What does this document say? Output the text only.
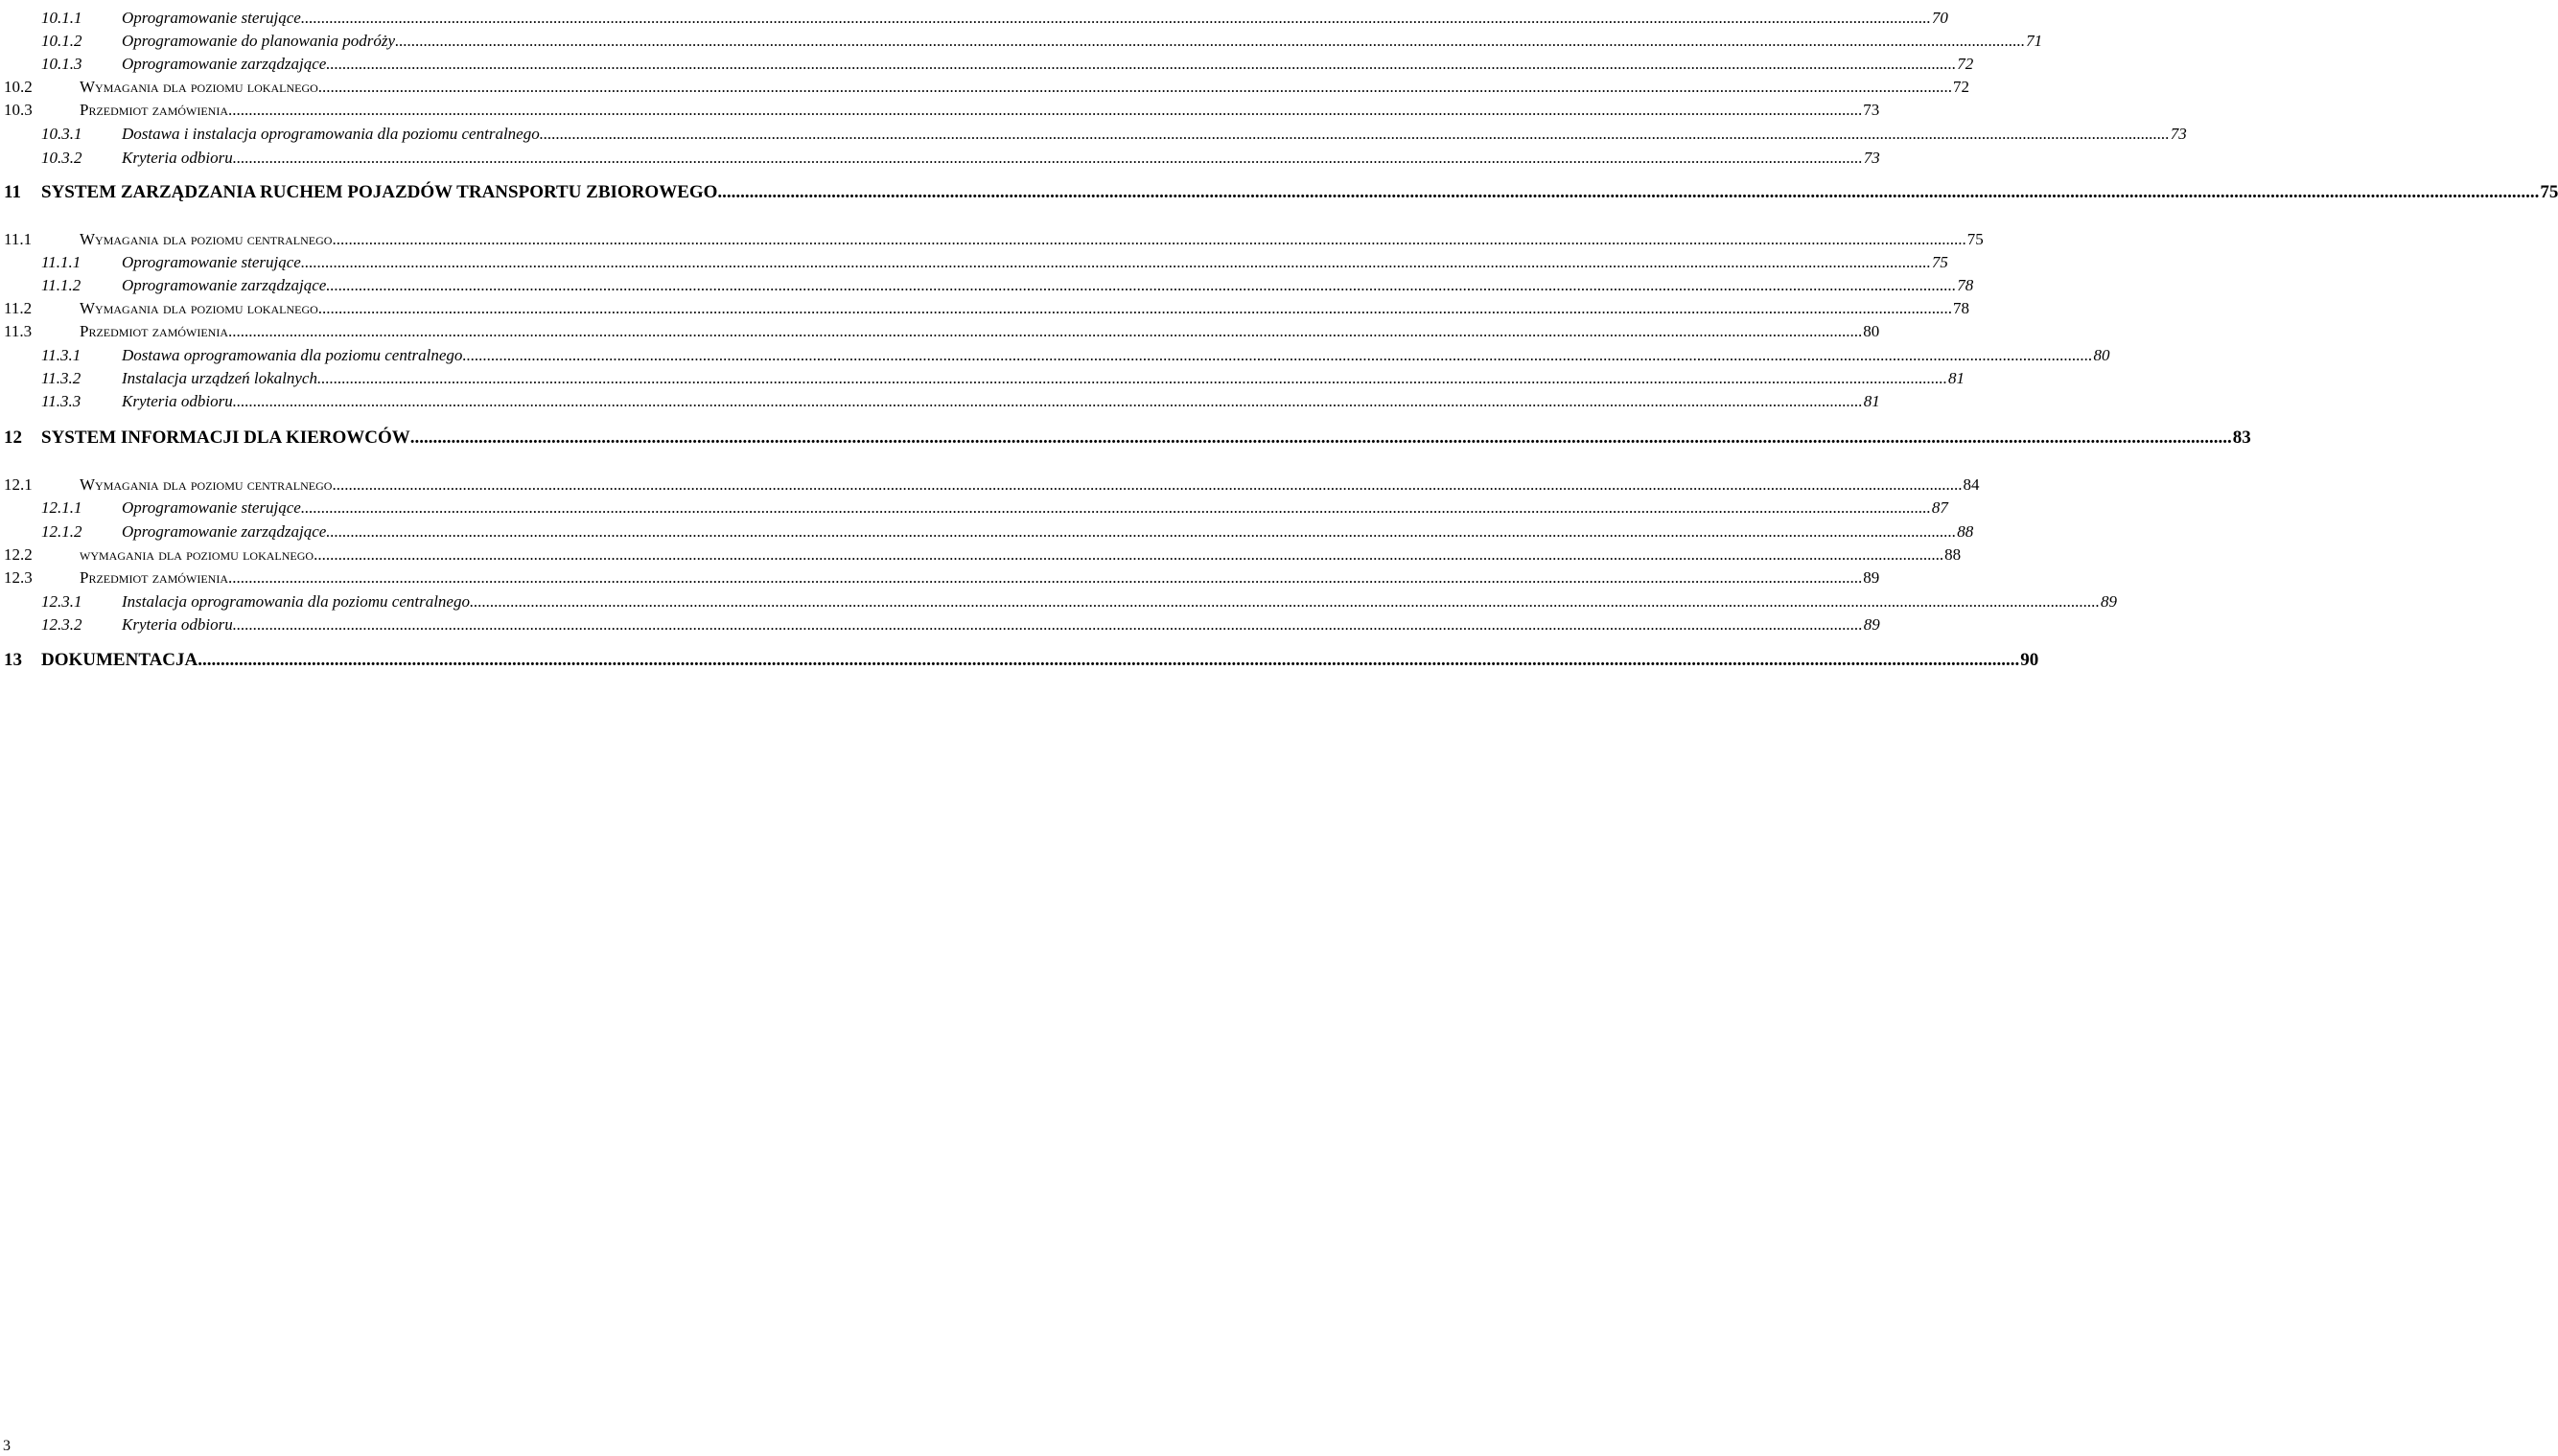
10.1.1 Oprogramowanie sterujące ................................................................................................................................................................................................................................................................................................................................................................................................................ 70
10.1.2 Oprogramowanie do planowania podróży ................................................................................................................................................................................................................................................................................................................................................................................................................ 71
10.1.3 Oprogramowanie zarządzające ................................................................................................................................................................................................................................................................................................................................................................................................................ 72
10.2	Wymagania dla poziomu lokalnego. ................................................................................................................................................................................................................................................................................................................................................................................................................ 72
10.3	Przedmiot zamówienia. ................................................................................................................................................................................................................................................................................................................................................................................................................ 73
10.3.1 Dostawa i instalacja oprogramowania dla poziomu centralnego ................................................................................................................................................................................................................................................................................................................................................................................................................ 73
10.3.2 Kryteria odbioru ................................................................................................................................................................................................................................................................................................................................................................................................................ 73
11 SYSTEM ZARZĄDZANIA RUCHEM POJAZDÓW TRANSPORTU ZBIOROWEGO ................................................................................................................................................................................................................................................................................................................................................................................................................ 75
11.1	Wymagania dla poziomu centralnego. ................................................................................................................................................................................................................................................................................................................................................................................................................ 75
11.1.1	Oprogramowanie sterujące ................................................................................................................................................................................................................................................................................................................................................................................................................ 75
11.1.2	Oprogramowanie zarządzające ................................................................................................................................................................................................................................................................................................................................................................................................................ 78
11.2	Wymagania dla poziomu lokalnego. ................................................................................................................................................................................................................................................................................................................................................................................................................ 78
11.3	Przedmiot zamówienia. ................................................................................................................................................................................................................................................................................................................................................................................................................ 80
11.3.1	Dostawa oprogramowania dla poziomu centralnego ................................................................................................................................................................................................................................................................................................................................................................................................................ 80
11.3.2	Instalacja urządzeń lokalnych ................................................................................................................................................................................................................................................................................................................................................................................................................ 81
11.3.3	Kryteria odbioru ................................................................................................................................................................................................................................................................................................................................................................................................................ 81
12 SYSTEM INFORMACJI DLA KIEROWCÓW ................................................................................................................................................................................................................................................................................................................................................................................................................ 83
12.1	Wymagania dla poziomu centralnego ................................................................................................................................................................................................................................................................................................................................................................................................................ 84
12.1.1 Oprogramowanie sterujące ................................................................................................................................................................................................................................................................................................................................................................................................................ 87
12.1.2 Oprogramowanie zarządzające ................................................................................................................................................................................................................................................................................................................................................................................................................ 88
12.2	wymagania dla poziomu lokalnego ................................................................................................................................................................................................................................................................................................................................................................................................................ 88
12.3	Przedmiot zamówienia. ................................................................................................................................................................................................................................................................................................................................................................................................................ 89
12.3.1 Instalacja oprogramowania dla poziomu centralnego ................................................................................................................................................................................................................................................................................................................................................................................................................ 89
12.3.2 Kryteria odbioru ................................................................................................................................................................................................................................................................................................................................................................................................................ 89
13 DOKUMENTACJA ................................................................................................................................................................................................................................................................................................................................................................................................................ 90
3
